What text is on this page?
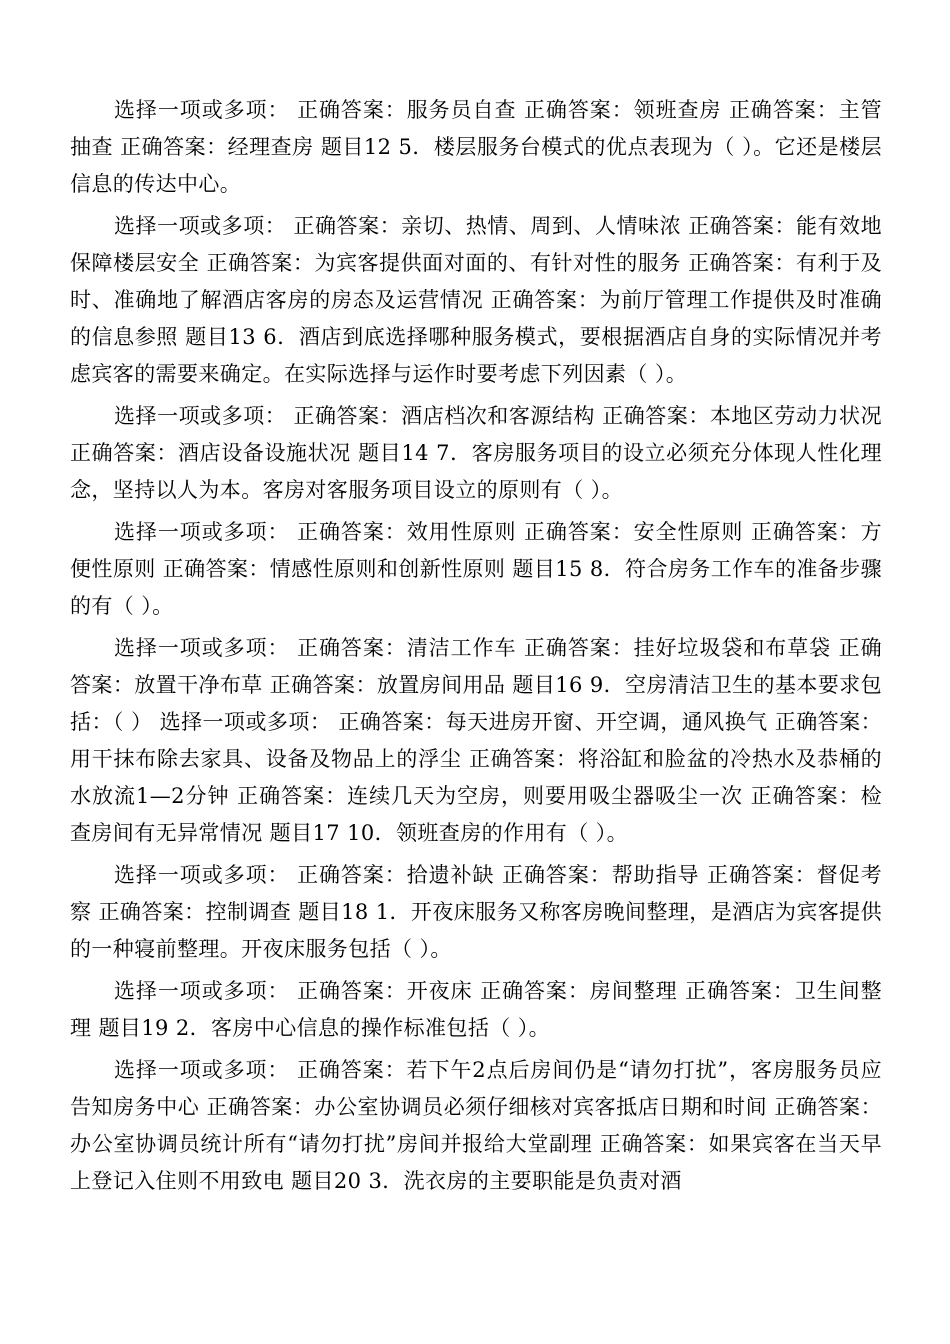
选择一项或多项： 正确答案：服务员自查 正确答案：领班查房 正确答案：主管抽查 正确答案：经理查房 题目12 5．楼层服务台模式的优点表现为（ ）。它还是楼层信息的传达中心。

选择一项或多项： 正确答案：亲切、热情、周到、人情味浓 正确答案：能有效地保障楼层安全 正确答案：为宾客提供面对面的、有针对性的服务 正确答案：有利于及时、准确地了解酒店客房的房态及运营情况 正确答案：为前厅管理工作提供及时准确的信息参照 题目13 6．酒店到底选择哪种服务模式，要根据酒店自身的实际情况并考虑宾客的需要来确定。在实际选择与运作时要考虑下列因素（ ）。

选择一项或多项： 正确答案：酒店档次和客源结构 正确答案：本地区劳动力状况 正确答案：酒店设备设施状况 题目14 7．客房服务项目的设立必须充分体现人性化理念，坚持以人为本。客房对客服务项目设立的原则有（ ）。

选择一项或多项： 正确答案：效用性原则 正确答案：安全性原则 正确答案：方便性原则 正确答案：情感性原则和创新性原则 题目15 8．符合房务工作车的准备步骤的有（ ）。

选择一项或多项： 正确答案：清洁工作车 正确答案：挂好垃圾袋和布草袋 正确答案：放置干净布草 正确答案：放置房间用品 题目16 9．空房清洁卫生的基本要求包括：（ ） 选择一项或多项： 正确答案：每天进房开窗、开空调，通风换气 正确答案：用干抹布除去家具、设备及物品上的浮尘 正确答案：将浴缸和脸盆的冷热水及恭桶的水放流1—2分钟 正确答案：连续几天为空房，则要用吸尘器吸尘一次 正确答案：检查房间有无异常情况 题目17 10．领班查房的作用有（ ）。

选择一项或多项： 正确答案：拾遗补缺 正确答案：帮助指导 正确答案：督促考察 正确答案：控制调查 题目18 1．开夜床服务又称客房晚间整理，是酒店为宾客提供的一种寝前整理。开夜床服务包括（ ）。

选择一项或多项： 正确答案：开夜床 正确答案：房间整理 正确答案：卫生间整理 题目19 2．客房中心信息的操作标准包括（ ）。

选择一项或多项： 正确答案：若下午2点后房间仍是“请勿打扰”，客房服务员应告知房务中心 正确答案：办公室协调员必须仔细核对宾客抵店日期和时间 正确答案：办公室协调员统计所有“请勿打扰”房间并报给大堂副理 正确答案：如果宾客在当天早上登记入住则不用致电 题目20 3．洗衣房的主要职能是负责对酒
